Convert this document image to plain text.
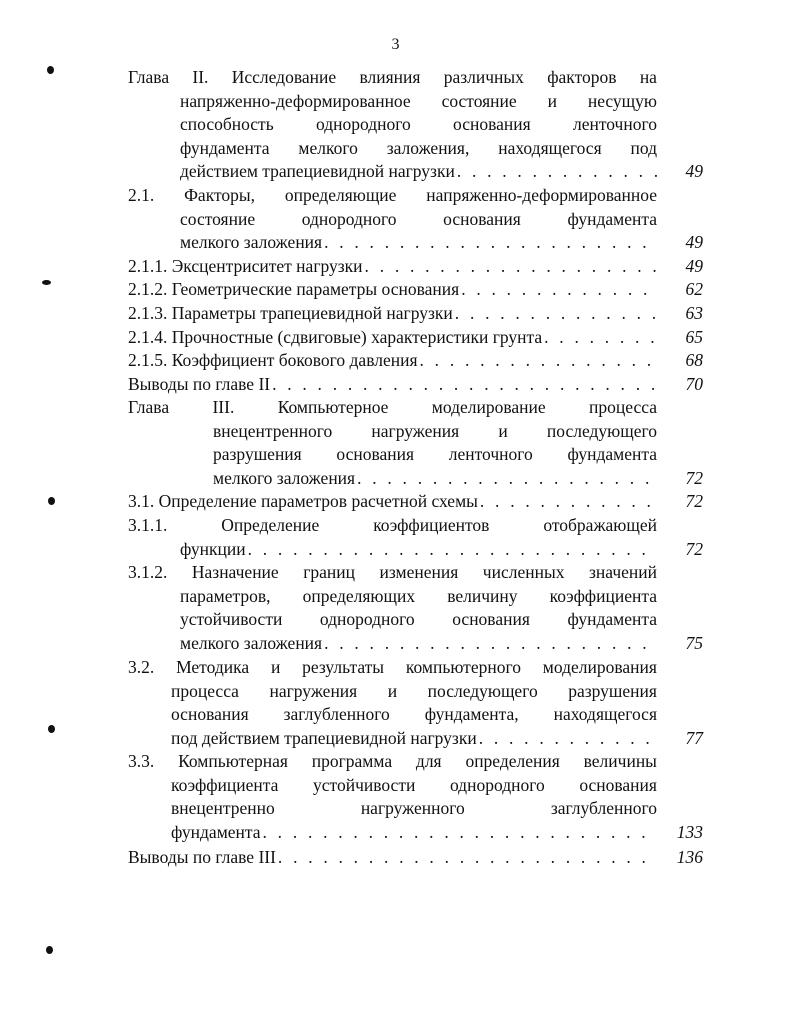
3
Глава II. Исследование влияния различных факторов на
напряженно-деформированное состояние и несущую
способность однородного основания ленточного
фундамента мелкого заложения, находящегося под
действием трапециевидной нагрузки . . .	49
2.1. Факторы, определяющие напряженно-деформированное
состояние	однородного	основания	фундамента
мелкого заложения . . .	49
2.1.1. Эксцентриситет нагрузки . . .	49
2.1.2. Геометрические параметры основания . . .	62
2.1.3. Параметры трапециевидной нагрузки . . .	63
2.1.4. Прочностные (сдвиговые) характеристики грунта . . .	65
2.1.5. Коэффициент бокового давления . . .	68
Выводы по главе II . . .	70
Глава III. Компьютерное моделирование процесса
внецентренного нагружения и последующего
разрушения основания ленточного фундамента
мелкого заложения . . .	72
3.1. Определение параметров расчетной схемы . . .	72
3.1.1.	Определение	коэффициентов	отображающей
функции . . .	72
3.1.2. Назначение границ изменения численных значений
параметров, определяющих величину коэффициента
устойчивости однородного основания фундамента
мелкого заложения . . .	75
3.2. Методика и результаты компьютерного моделирования
процесса нагружения и последующего разрушения
основания заглубленного фундамента, находящегося
под действием трапециевидной нагрузки . . .	77
3.3. Компьютерная программа для определения величины
коэффициента устойчивости однородного основания
внецентренно	нагруженного	заглубленного
фундамента . . .	133
Выводы по главе III . . .	136
